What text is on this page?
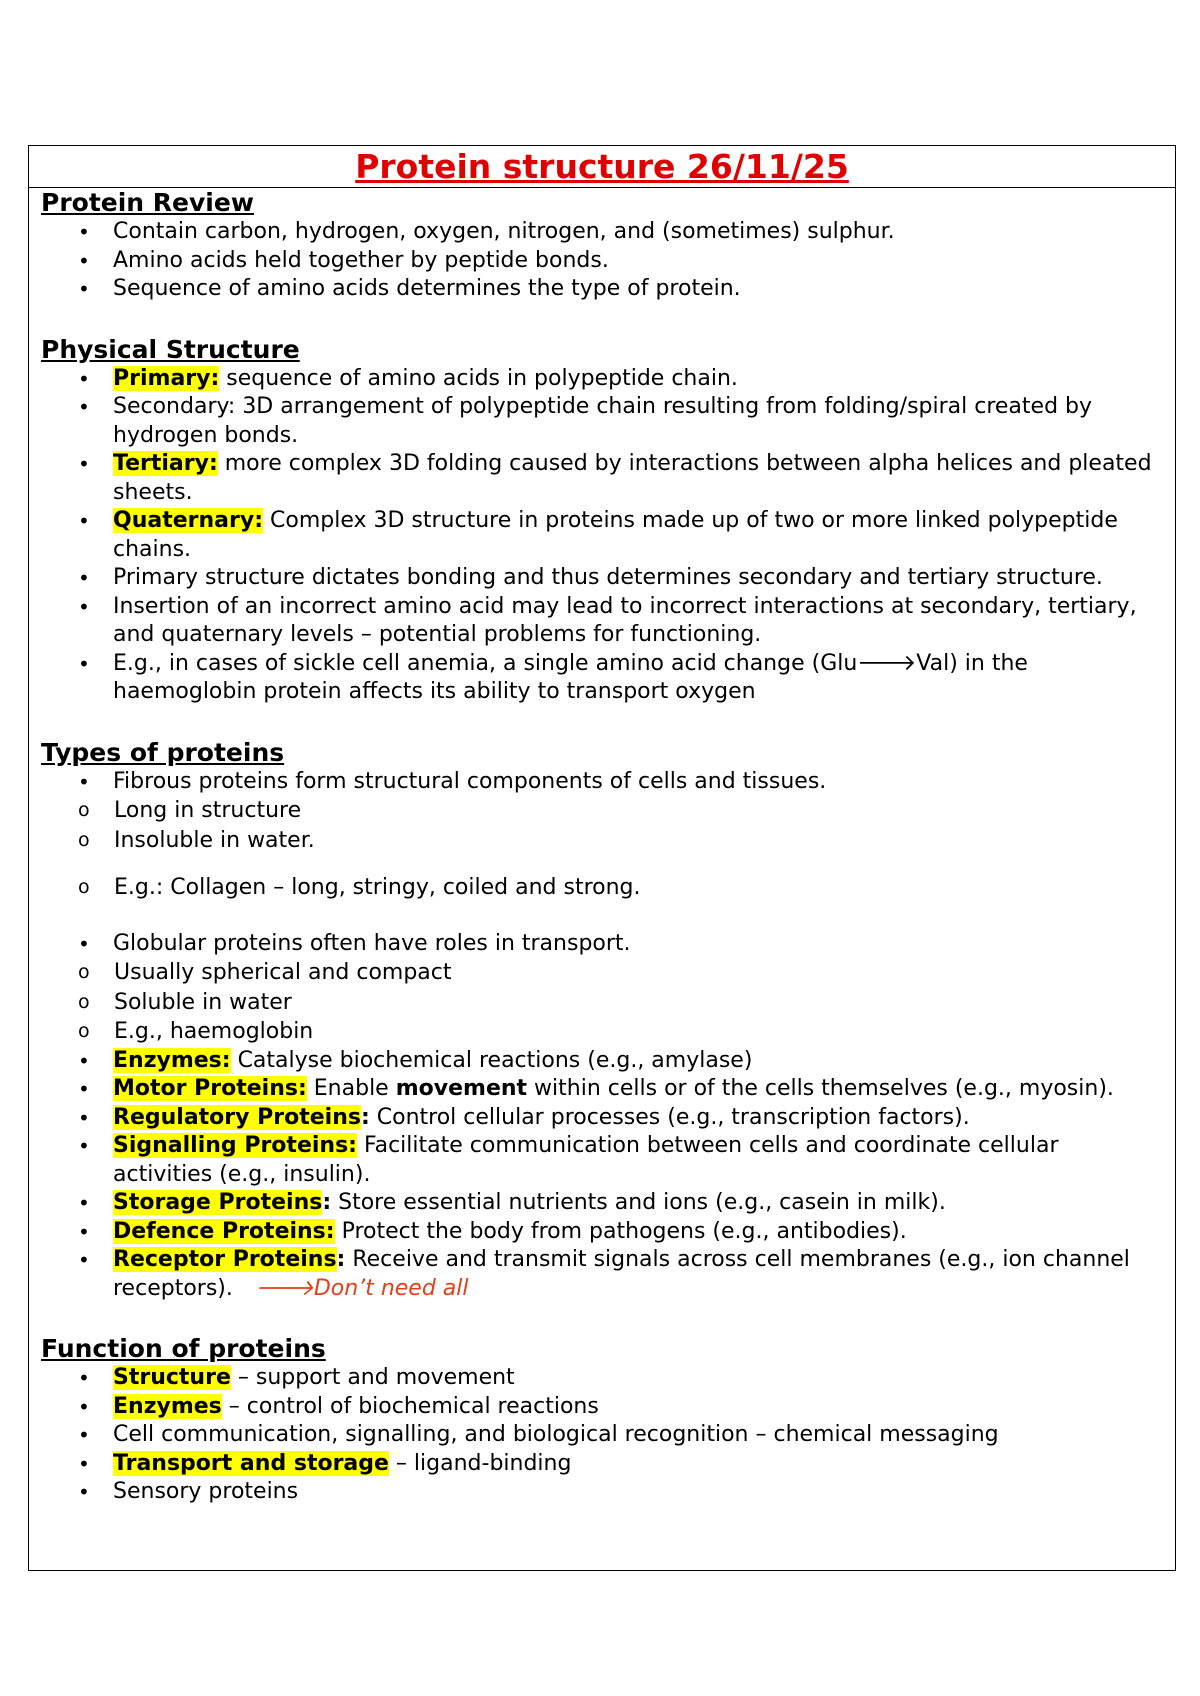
Protein structure 26/11/25
Protein Review
• Contain carbon, hydrogen, oxygen, nitrogen, and (sometimes) sulphur.
• Amino acids held together by peptide bonds.
• Sequence of amino acids determines the type of protein.
Physical Structure
• Primary: sequence of amino acids in polypeptide chain.
• Secondary: 3D arrangement of polypeptide chain resulting from folding/spiral created by hydrogen bonds.
• Tertiary: more complex 3D folding caused by interactions between alpha helices and pleated sheets.
• Quaternary: Complex 3D structure in proteins made up of two or more linked polypeptide chains.
• Primary structure dictates bonding and thus determines secondary and tertiary structure.
• Insertion of an incorrect amino acid may lead to incorrect interactions at secondary, tertiary, and quaternary levels – potential problems for functioning.
• E.g., in cases of sickle cell anemia, a single amino acid change (Glu🡒Val) in the haemoglobin protein affects its ability to transport oxygen
Types of proteins
• Fibrous proteins form structural components of cells and tissues.
o Long in structure
o Insoluble in water.
o E.g.: Collagen – long, stringy, coiled and strong.
• Globular proteins often have roles in transport.
o Usually spherical and compact
o Soluble in water
o E.g., haemoglobin
• Enzymes: Catalyse biochemical reactions (e.g., amylase)
• Motor Proteins: Enable movement within cells or of the cells themselves (e.g., myosin).
• Regulatory Proteins: Control cellular processes (e.g., transcription factors).
• Signalling Proteins: Facilitate communication between cells and coordinate cellular activities (e.g., insulin).
• Storage Proteins: Store essential nutrients and ions (e.g., casein in milk).
• Defence Proteins: Protect the body from pathogens (e.g., antibodies).
• Receptor Proteins: Receive and transmit signals across cell membranes (e.g., ion channel receptors). 🡒Don’t need all
Function of proteins
• Structure – support and movement
• Enzymes – control of biochemical reactions
• Cell communication, signalling, and biological recognition – chemical messaging
• Transport and storage – ligand-binding
• Sensory proteins
